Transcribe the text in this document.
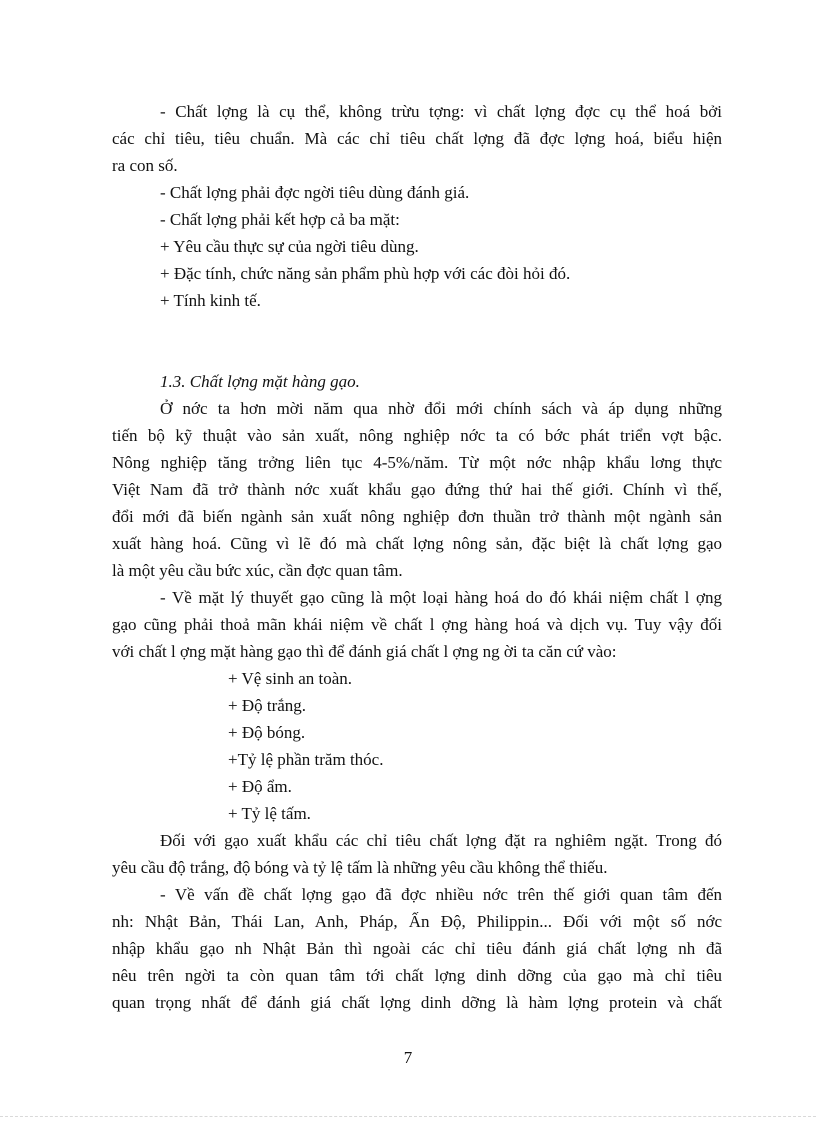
- Chất lợng là cụ thể, không trừu tợng: vì chất lợng đợc cụ thể hoá bởi
các chỉ tiêu, tiêu chuẩn. Mà các chỉ tiêu chất lợng đã đợc lợng hoá, biểu hiện
ra con số.
- Chất lợng phải đợc ngời tiêu dùng đánh giá.
- Chất lợng phải kết hợp cả ba mặt:
+ Yêu cầu thực sự của ngời tiêu dùng.
+ Đặc tính, chức năng sản phẩm phù hợp với các đòi hỏi đó.
+ Tính kinh tế.
1.3. Chất lợng mặt hàng gạo.
Ở nớc ta hơn mời năm qua nhờ đổi mới chính sách và áp dụng những
tiến bộ kỹ thuật vào sản xuất, nông nghiệp nớc ta có bớc phát triển vợt bậc.
Nông nghiệp tăng trởng liên tục 4-5%/năm. Từ một nớc nhập khẩu lơng thực
Việt Nam đã trở thành nớc xuất khẩu gạo đứng thứ hai thế giới. Chính vì thế,
đổi mới đã biến ngành sản xuất nông nghiệp đơn thuần trở thành một ngành sản
xuất hàng hoá. Cũng vì lẽ đó mà chất lợng nông sản, đặc biệt là chất lợng gạo
là một yêu cầu bức xúc, cần đợc quan tâm.
- Về mặt lý thuyết gạo cũng là một loại hàng hoá do đó khái niệm chất l ợng
gạo cũng phải thoả mãn khái niệm về chất l ợng hàng hoá và dịch vụ. Tuy vậy đối
với chất l ợng mặt hàng gạo thì để đánh giá chất l ợng ng ời ta căn cứ vào:
+ Vệ sinh an toàn.
+ Độ trắng.
+ Độ bóng.
+Tỷ lệ phần trăm thóc.
+ Độ ẩm.
+ Tỷ lệ tấm.
Đối với gạo xuất khẩu các chỉ tiêu chất lợng đặt ra nghiêm ngặt. Trong đó
yêu cầu độ trắng, độ bóng và tỷ lệ tấm là những yêu cầu không thể thiếu.
- Về vấn đề chất lợng gạo đã đợc nhiều nớc trên thế giới quan tâm đến
nh: Nhật Bản, Thái Lan, Anh, Pháp, Ấn Độ, Philippin... Đối với một số nớc
nhập khẩu gạo nh Nhật Bản thì ngoài các chỉ tiêu đánh giá chất lợng nh đã
nêu trên ngời ta còn quan tâm tới chất lợng dinh dỡng của gạo mà chỉ tiêu
quan trọng nhất để đánh giá chất lợng dinh dỡng là hàm lợng protein và chất
7
